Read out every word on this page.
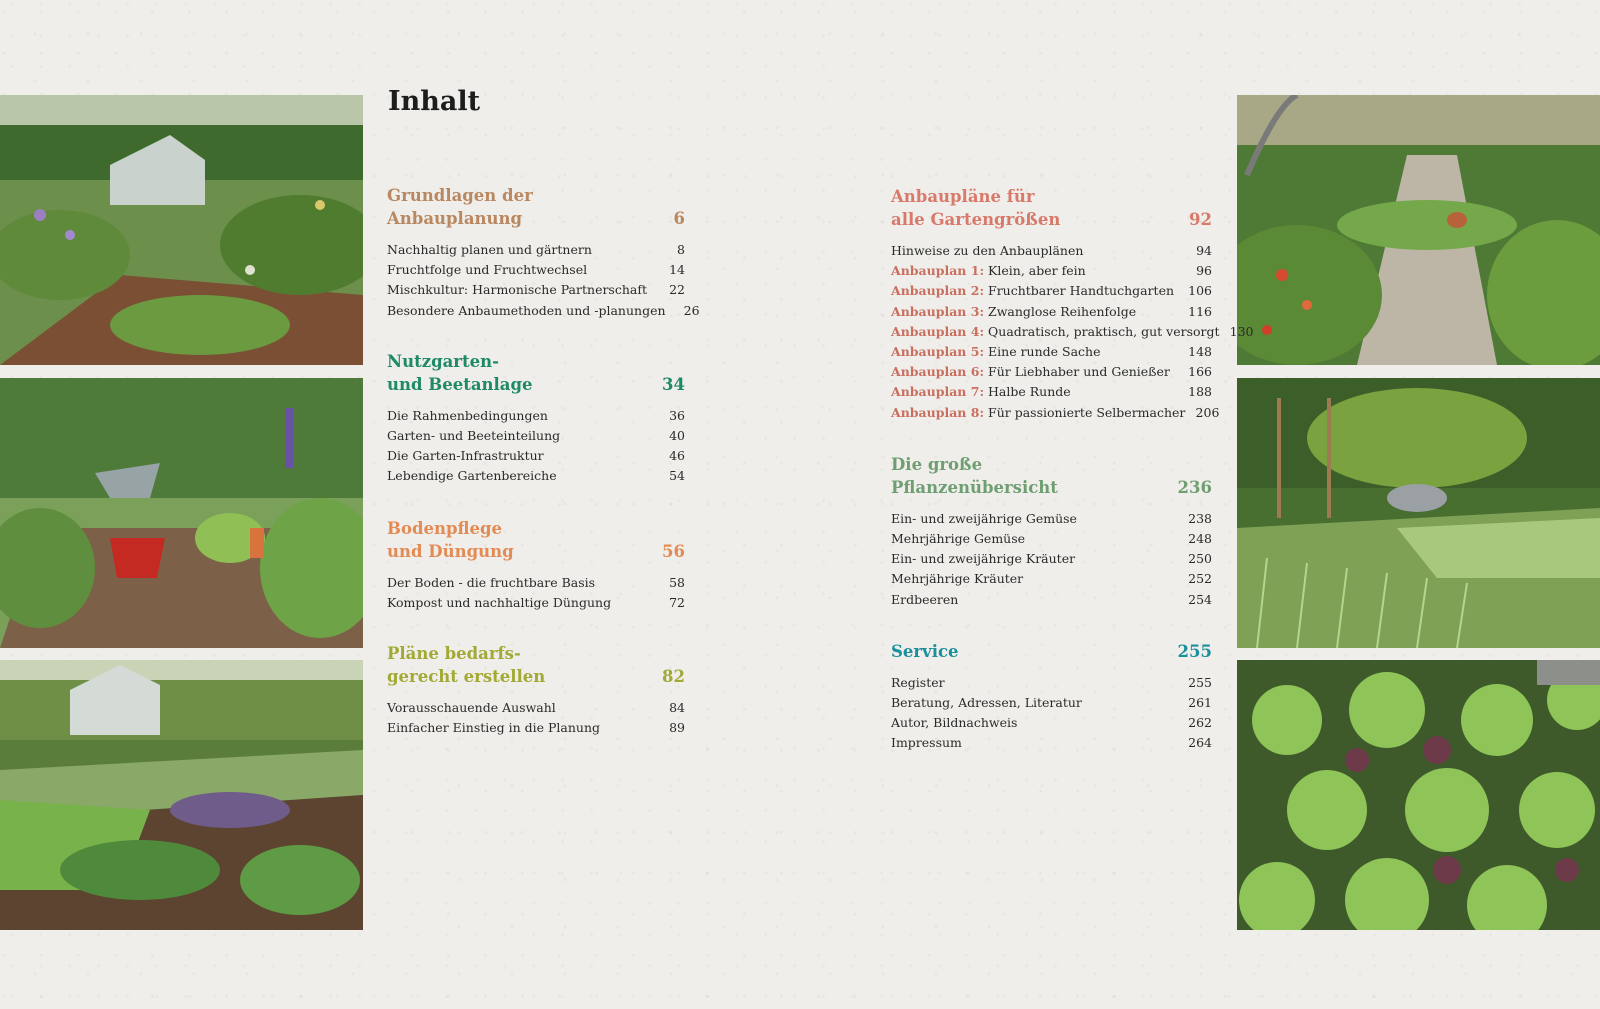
Inhalt
Grundlagen der
Anbauplanung	6
Nachhaltig planen und gärtnern	8
Fruchtfolge und Fruchtwechsel	14
Mischkultur: Harmonische Partnerschaft	22
Besondere Anbaumethoden und -planungen	26
Nutzgarten-
und Beetanlage	34
Die Rahmenbedingungen	36
Garten- und Beeteinteilung	40
Die Garten-Infrastruktur	46
Lebendige Gartenbereiche	54
Bodenpflege
und Düngung	56
Der Boden - die fruchtbare Basis	58
Kompost und nachhaltige Düngung	72
Pläne bedarfs-
gerecht erstellen	82
Vorausschauende Auswahl	84
Einfacher Einstieg in die Planung	89
Anbaupläne für
alle Gartengrößen	92
Hinweise zu den Anbauplänen	94
Anbauplan 1: Klein, aber fein	96
Anbauplan 2: Fruchtbarer Handtuchgarten	106
Anbauplan 3: Zwanglose Reihenfolge	116
Anbauplan 4: Quadratisch, praktisch, gut versorgt 130
Anbauplan 5: Eine runde Sache	148
Anbauplan 6: Für Liebhaber und Genießer	166
Anbauplan 7: Halbe Runde	188
Anbauplan 8: Für passionierte Selbermacher 206
Die große
Pflanzenübersicht	236
Ein- und zweijährige Gemüse	238
Mehrjährige Gemüse	248
Ein- und zweijährige Kräuter	250
Mehrjährige Kräuter	252
Erdbeeren	254
Service	255
Register	255
Beratung, Adressen, Literatur	261
Autor, Bildnachweis	262
Impressum	264
